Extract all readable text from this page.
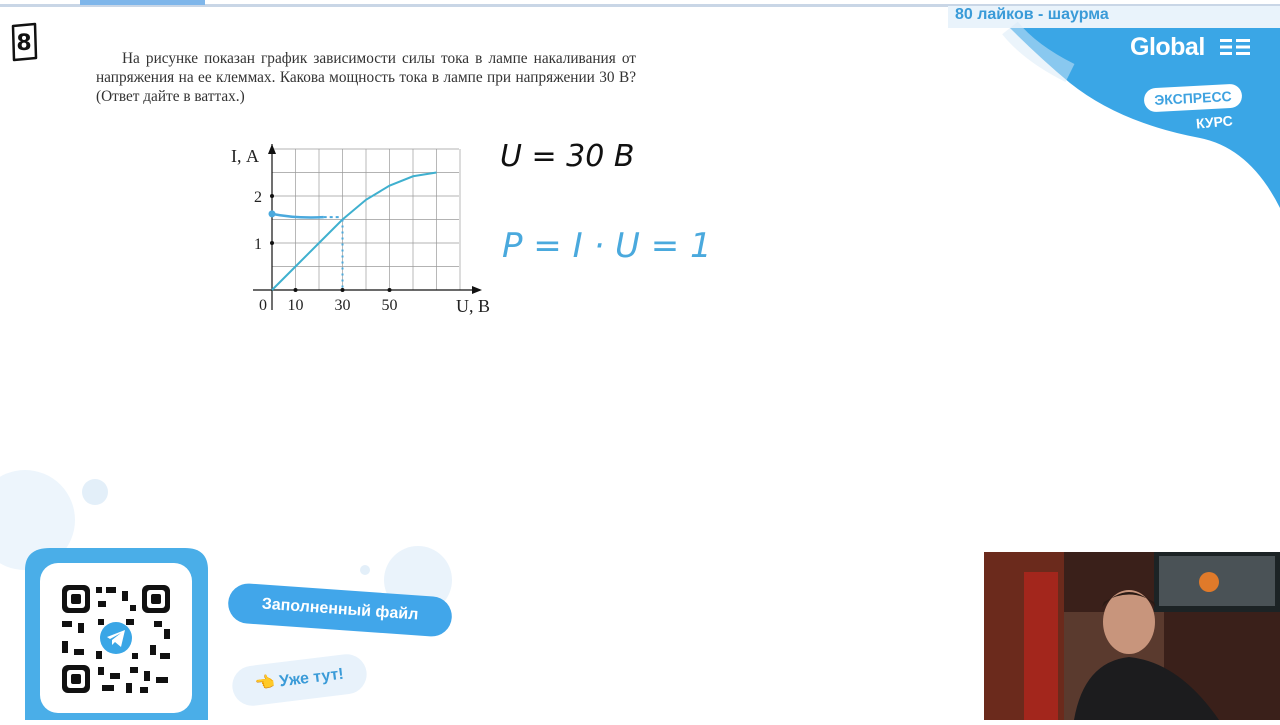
80 лайков - шаурма
Global
ЭКСПРЕСС
КУРС
8
На рисунке показан график зависимости силы тока в лампе накаливания от напряжения на ее клеммах. Какова мощность тока в лампе при напряжении 30 В? (Ответ дайте в ваттах.)
0 10 30 50
1
2
U, В
I, А	U = 30 В
P = I · U = 1
Заполненный файл
👈 Уже тут!
